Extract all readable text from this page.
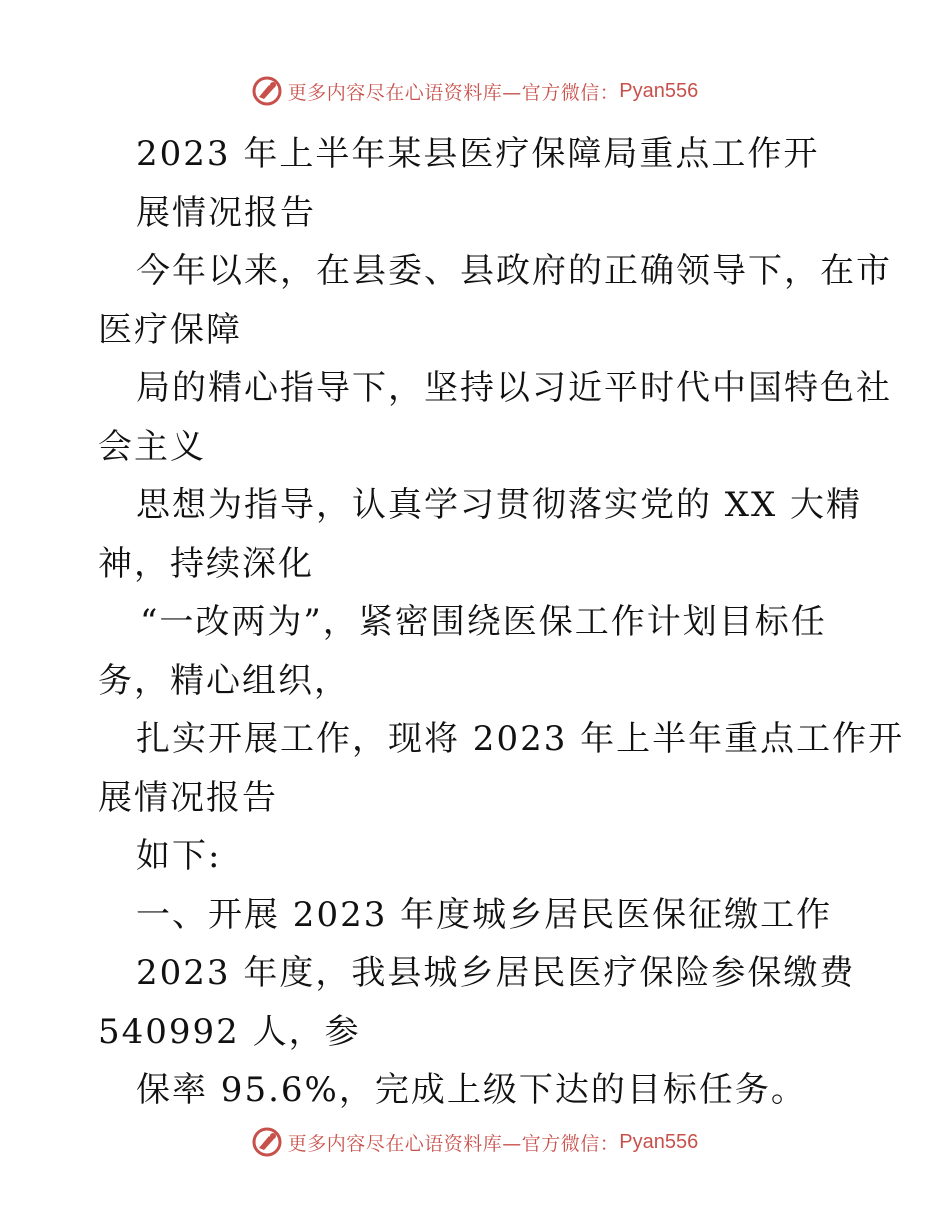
更多内容尽在心语资料库—官方微信： Pyan556
2023 年上半年某县医疗保障局重点工作开
展情况报告
今年以来，在县委、县政府的正确领导下，在市
医疗保障
局的精心指导下，坚持以习近平时代中国特色社
会主义
思想为指导，认真学习贯彻落实党的 XX 大精
神，持续深化
“一改两为”，紧密围绕医保工作计划目标任
务，精心组织，
扎实开展工作，现将 2023 年上半年重点工作开
展情况报告
如下:
一、开展 2023 年度城乡居民医保征缴工作
2023 年度，我县城乡居民医疗保险参保缴费
540992 人，参
保率 95.6%，完成上级下达的目标任务。
更多内容尽在心语资料库—官方微信： Pyan556
